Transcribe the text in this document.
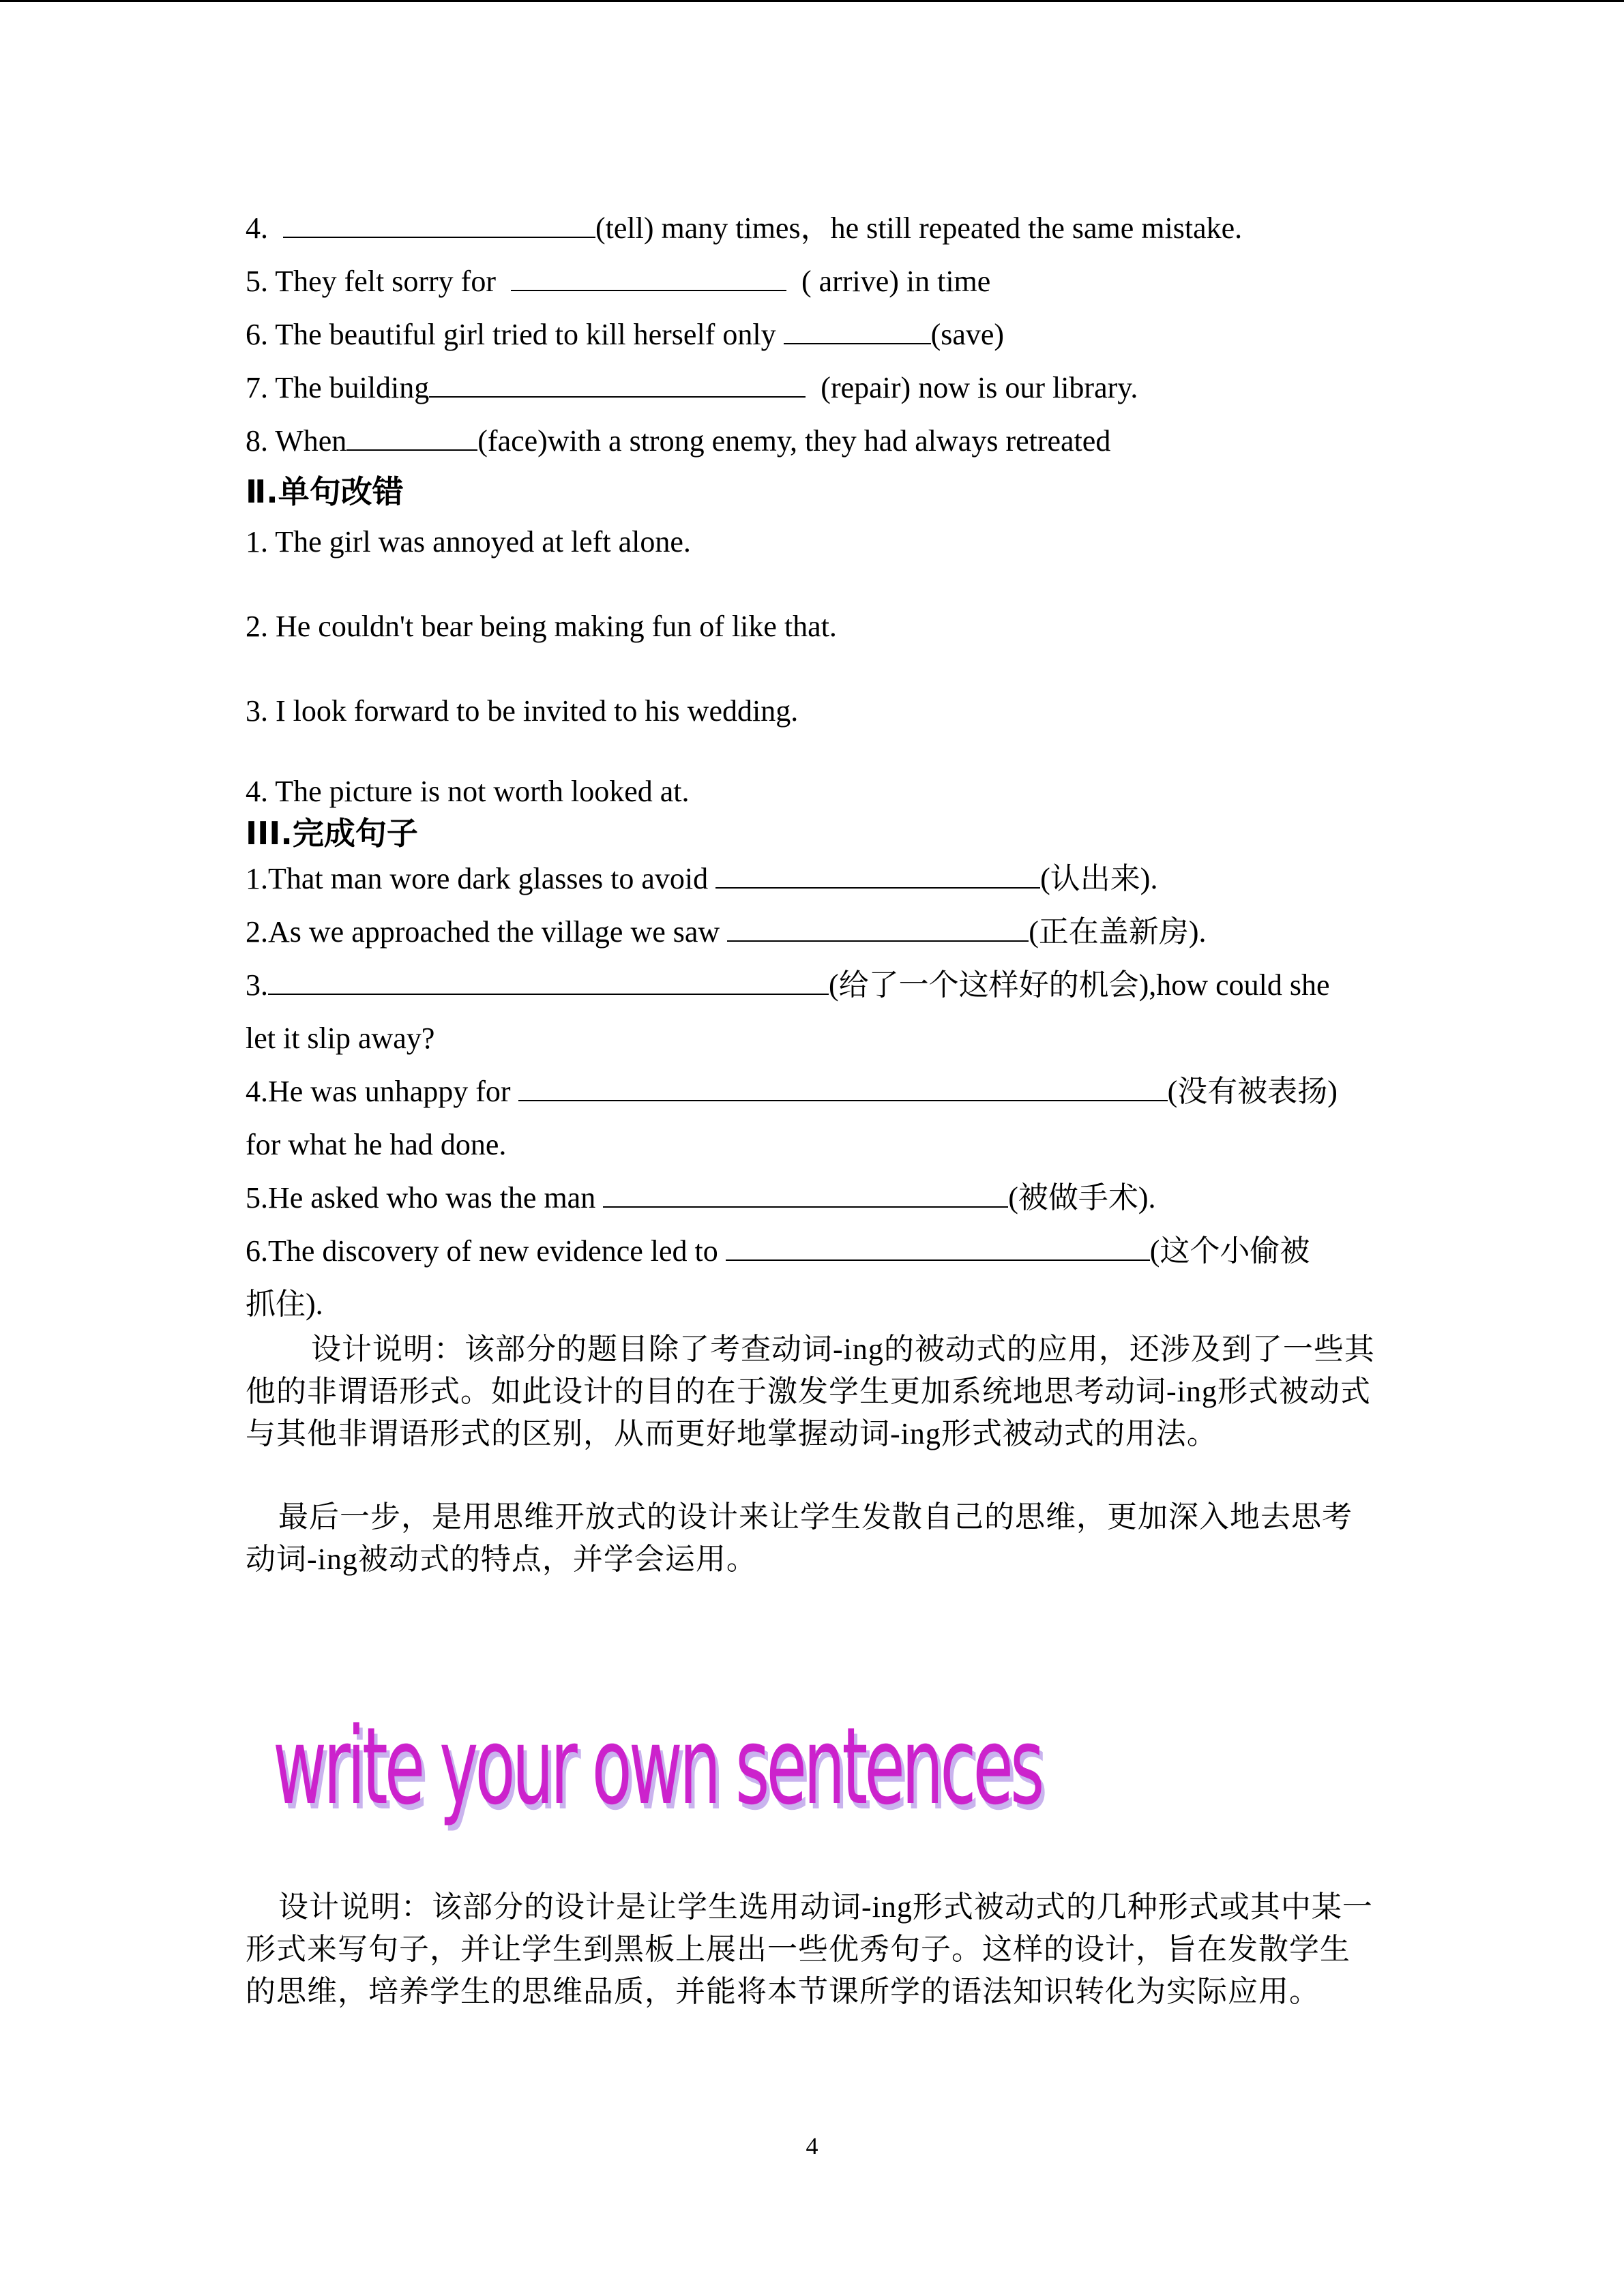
4.	(tell) many times，he still repeated the same mistake.
5. They felt sorry for	( arrive) in time
6. The beautiful girl tried to kill herself only	(save)
7. The building	(repair) now is our library.
8. When	(face)with a strong enemy, they had always retreated
Ⅱ.单句改错
1. The girl was annoyed at left alone.
2. He couldn't bear being making fun of like that.
3. I look forward to be invited to his wedding.
4. The picture is not worth looked at.
III.完成句子
1.That man wore dark glasses to avoid	(认出来).
2.As we approached the village we saw	(正在盖新房).
3.	(给了一个这样好的机会),how could she
let it slip away?
4.He was unhappy for	(没有被表扬)
for what he had done.
5.He asked who was the man	(被做手术).
6.The discovery of new evidence led to	(这个小偷被
抓住).
设计说明：该部分的题目除了考查动词-ing的被动式的应用，还涉及到了一些其他的非谓语形式。如此设计的目的在于激发学生更加系统地思考动词-ing形式被动式与其他非谓语形式的区别，从而更好地掌握动词-ing形式被动式的用法。
最后一步，是用思维开放式的设计来让学生发散自己的思维，更加深入地去思考动词-ing被动式的特点，并学会运用。
write your own sentences
设计说明：该部分的设计是让学生选用动词-ing形式被动式的几种形式或其中某一形式来写句子，并让学生到黑板上展出一些优秀句子。这样的设计，旨在发散学生的思维，培养学生的思维品质，并能将本节课所学的语法知识转化为实际应用。
4
